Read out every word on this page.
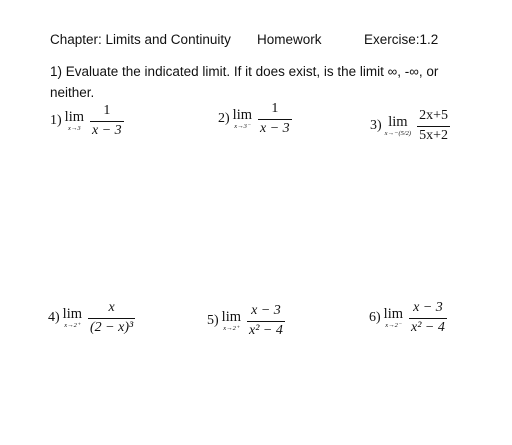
Chapter: Limits and Continuity Homework	Exercise:1.2
1) Evaluate the indicated limit. If it does exist, is the limit ∞, -∞, or neither.
1) lim
$x\to 3 \frac{1}{x - 3}$	2) lim
$x\to 3^- \frac{1}{x - 3}$	3) lim
$x\to-(5/2) \frac{2x+5}{5x+2}$
4) lim
$x\to 2^+ \frac{x}{\text{(2 − x)³}}$	5) lim
$x\to 2^+ \frac{x - 3}{\text{x² − 4}}$	6) lim
$x\to 2^- \frac{x - 3}{\text{x² − 4}}$
